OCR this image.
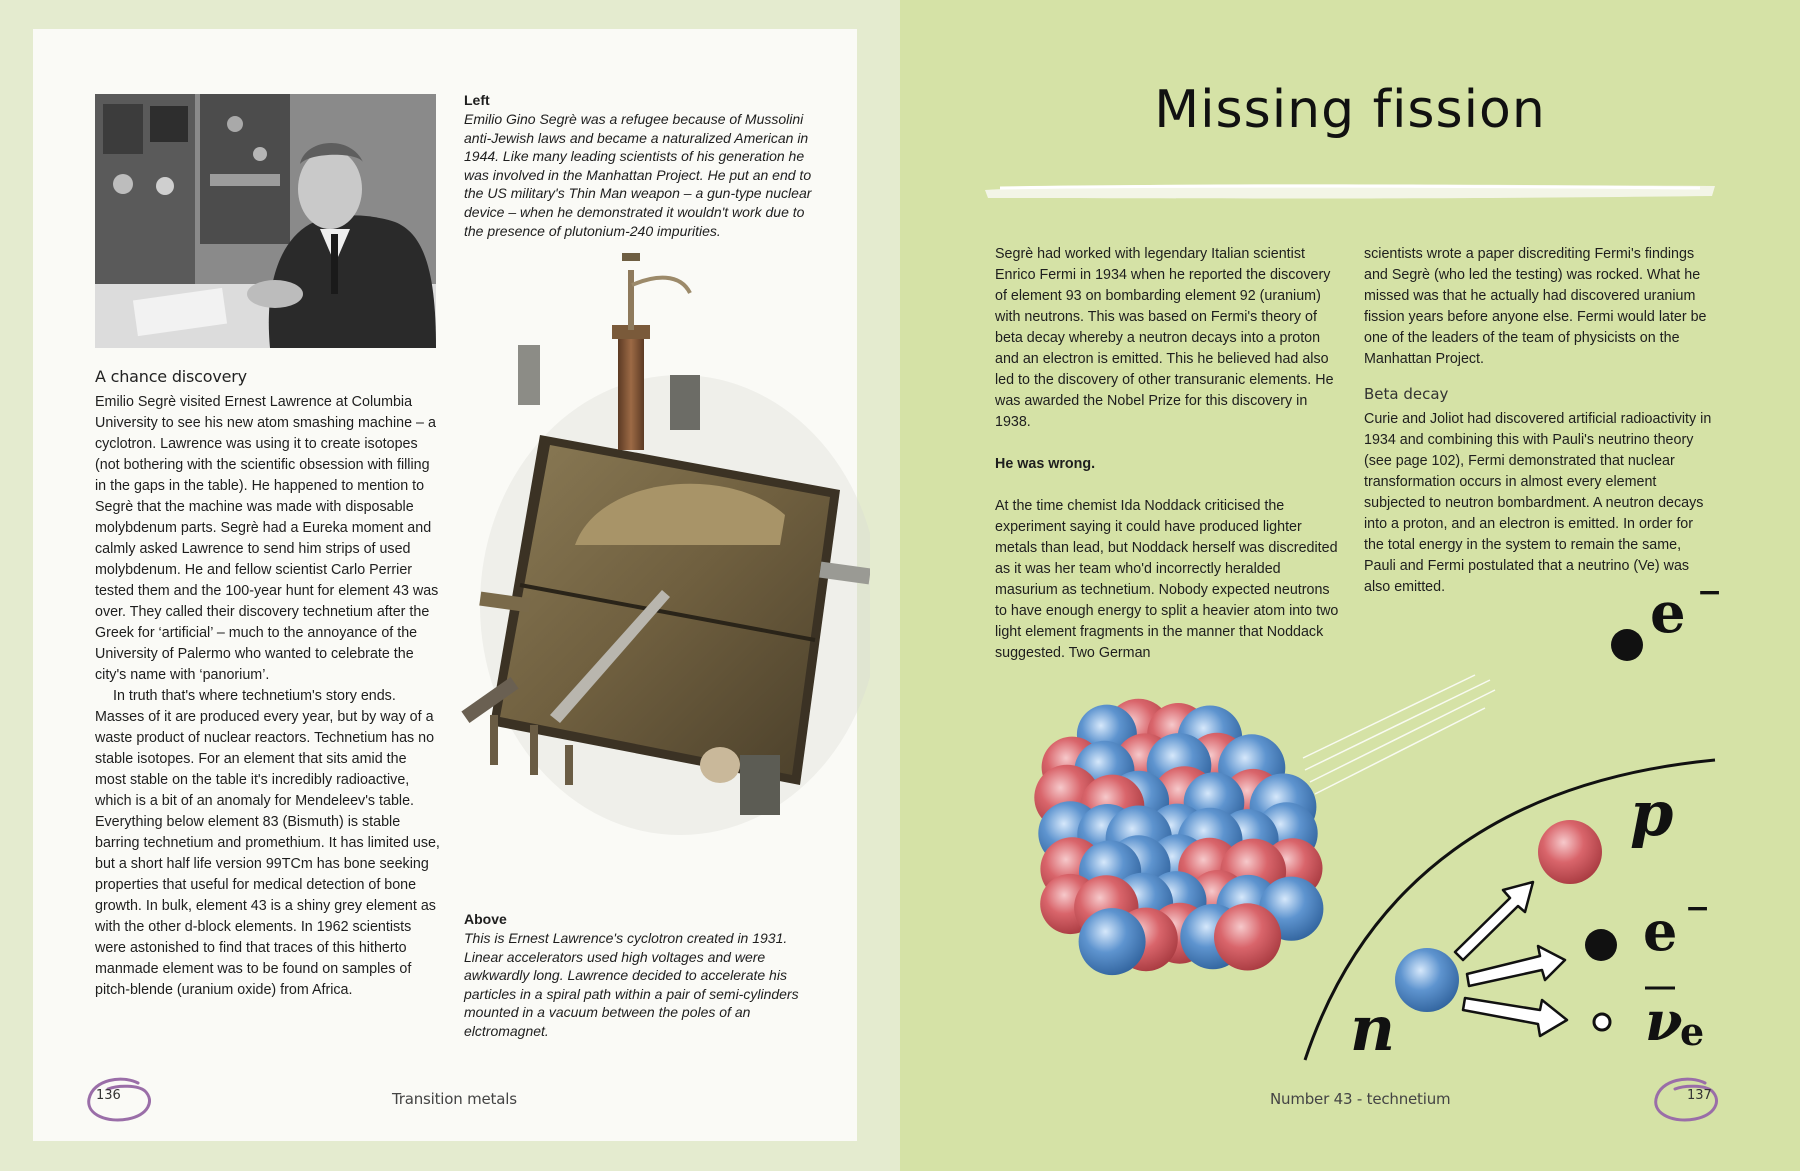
Left

Emilio Gino Segrè was a refugee because of Mussolini anti-Jewish laws and became a naturalized American in 1944. Like many leading scientists of his generation he was involved in the Manhattan Project. He put an end to the US military's Thin Man weapon – a gun-type nuclear device – when he demonstrated it wouldn't work due to the presence of plutonium-240 impurities.

A chance discovery

Emilio Segrè visited Ernest Lawrence at Columbia University to see his new atom smashing machine – a cyclotron. Lawrence was using it to create isotopes (not bothering with the scientific obsession with filling in the gaps in the table). He happened to mention to Segrè that the machine was made with disposable molybdenum parts. Segrè had a Eureka moment and calmly asked Lawrence to send him strips of used molybdenum. He and fellow scientist Carlo Perrier tested them and the 100-year hunt for element 43 was over. They called their discovery technetium after the Greek for ‘artificial’ – much to the annoyance of the University of Palermo who wanted to celebrate the city's name with ‘panorium’.

In truth that's where technetium's story ends. Masses of it are produced every year, but by way of a waste product of nuclear reactors. Technetium has no stable isotopes. For an element that sits amid the most stable on the table it's incredibly radioactive, which is a bit of an anomaly for Mendeleev's table. Everything below element 83 (Bismuth) is stable barring technetium and promethium. It has limited use, but a short half life version 99TCm has bone seeking properties that useful for medical detection of bone growth. In bulk, element 43 is a shiny grey element as with the other d-block elements. In 1962 scientists were astonished to find that traces of this hitherto manmade element was to be found on samples of pitch-blende (uranium oxide) from Africa.

Above

This is Ernest Lawrence's cyclotron created in 1931. Linear accelerators used high voltages and were awkwardly long. Lawrence decided to accelerate his particles in a spiral path within a pair of semi-cylinders mounted in a vacuum between the poles of an elctromagnet.

136	Transition metals
Missing fission

Segrè had worked with legendary Italian scientist Enrico Fermi in 1934 when he reported the discovery of element 93 on bombarding element 92 (uranium) with neutrons. This was based on Fermi's theory of beta decay whereby a neutron decays into a proton and an electron is emitted. This he believed had also led to the discovery of other transuranic elements. He was awarded the Nobel Prize for this discovery in 1938.

He was wrong.

At the time chemist Ida Noddack criticised the experiment saying it could have produced lighter metals than lead, but Noddack herself was discredited as it was her team who'd incorrectly heralded masurium as technetium. Nobody expected neutrons to have enough energy to split a heavier atom into two light element fragments in the manner that Noddack suggested. Two German

scientists wrote a paper discrediting Fermi's findings and Segrè (who led the testing) was rocked. What he missed was that he actually had discovered uranium fission years before anyone else. Fermi would later be one of the leaders of the team of physicists on the Manhattan Project.

Beta decay

Curie and Joliot had discovered artificial radioactivity in 1934 and combining this with Pauli's neutrino theory (see page 102), Fermi demonstrated that nuclear transformation occurs in almost every element subjected to neutron bombardment. A neutron decays into a proton, and an electron is emitted. In order for the total energy in the system to remain the same, Pauli and Fermi postulated that a neutrino (Ve) was also emitted.	e −
n
p
e −
ν
e
Number 43 - technetium	137
